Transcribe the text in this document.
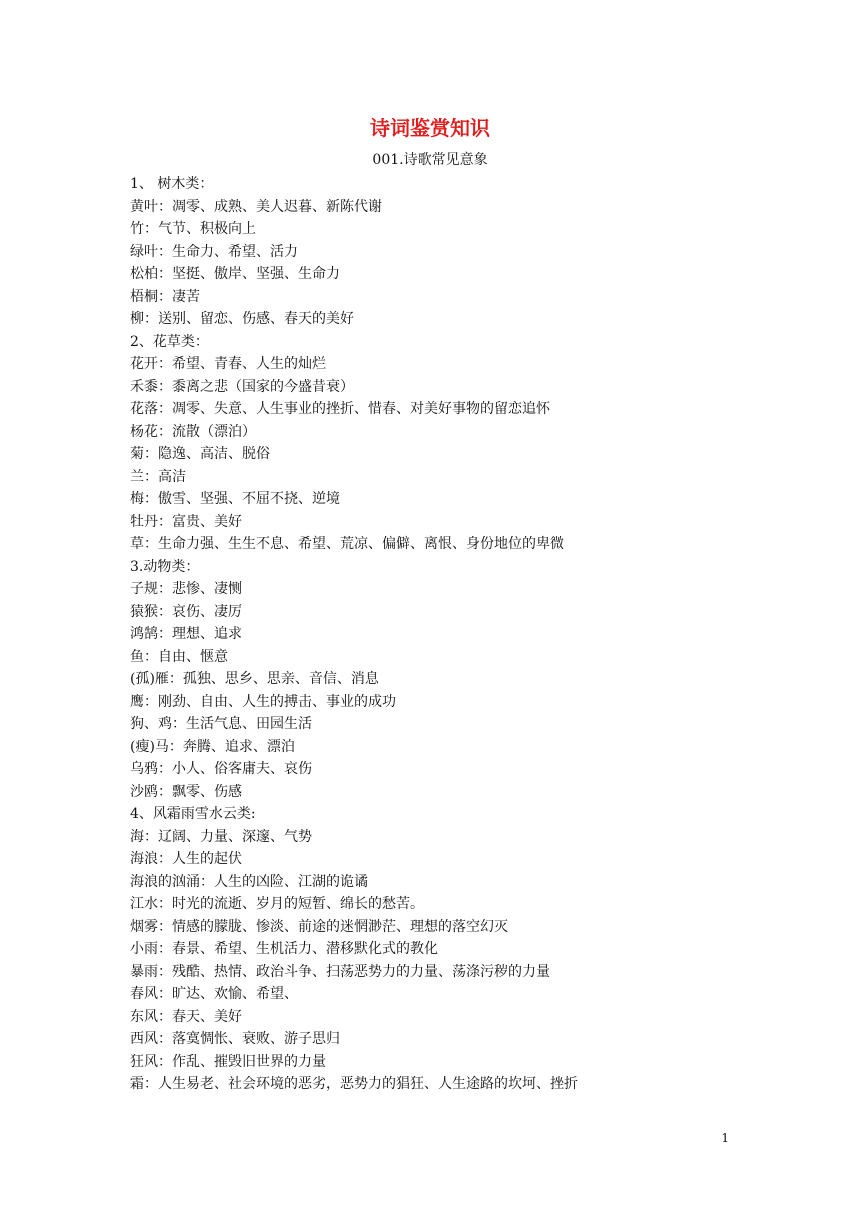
诗词鉴赏知识

001.诗歌常见意象

1、 树木类：
黄叶：凋零、成熟、美人迟暮、新陈代谢
竹：气节、积极向上
绿叶：生命力、希望、活力
松柏：坚挺、傲岸、坚强、生命力
梧桐：凄苦
柳：送别、留恋、伤感、春天的美好
2、花草类：
花开：希望、青春、人生的灿烂
禾黍：黍离之悲（国家的今盛昔衰）
花落：凋零、失意、人生事业的挫折、惜春、对美好事物的留恋追怀
杨花：流散（漂泊）
菊：隐逸、高洁、脱俗
兰：高洁
梅：傲雪、坚强、不屈不挠、逆境
牡丹：富贵、美好
草：生命力强、生生不息、希望、荒凉、偏僻、离恨、身份地位的卑微
3.动物类：
子规：悲惨、凄恻
猿猴：哀伤、凄厉
鸿鹄：理想、追求
鱼：自由、惬意
(孤)雁：孤独、思乡、思亲、音信、消息
鹰：刚劲、自由、人生的搏击、事业的成功
狗、鸡：生活气息、田园生活
(瘦)马：奔腾、追求、漂泊
乌鸦：小人、俗客庸夫、哀伤
沙鸥：飘零、伤感
4、风霜雨雪水云类:
海：辽阔、力量、深邃、气势
海浪：人生的起伏
海浪的汹涌：人生的凶险、江湖的诡谲
江水：时光的流逝、岁月的短暂、绵长的愁苦。
烟雾：情感的朦胧、惨淡、前途的迷惘渺茫、理想的落空幻灭
小雨：春景、希望、生机活力、潜移默化式的教化
暴雨：残酷、热情、政治斗争、扫荡恶势力的力量、荡涤污秽的力量
春风：旷达、欢愉、希望、
东风：春天、美好
西风：落寞惆怅、衰败、游子思归
狂风：作乱、摧毁旧世界的力量
霜：人生易老、社会环境的恶劣，恶势力的猖狂、人生途路的坎坷、挫折
1
